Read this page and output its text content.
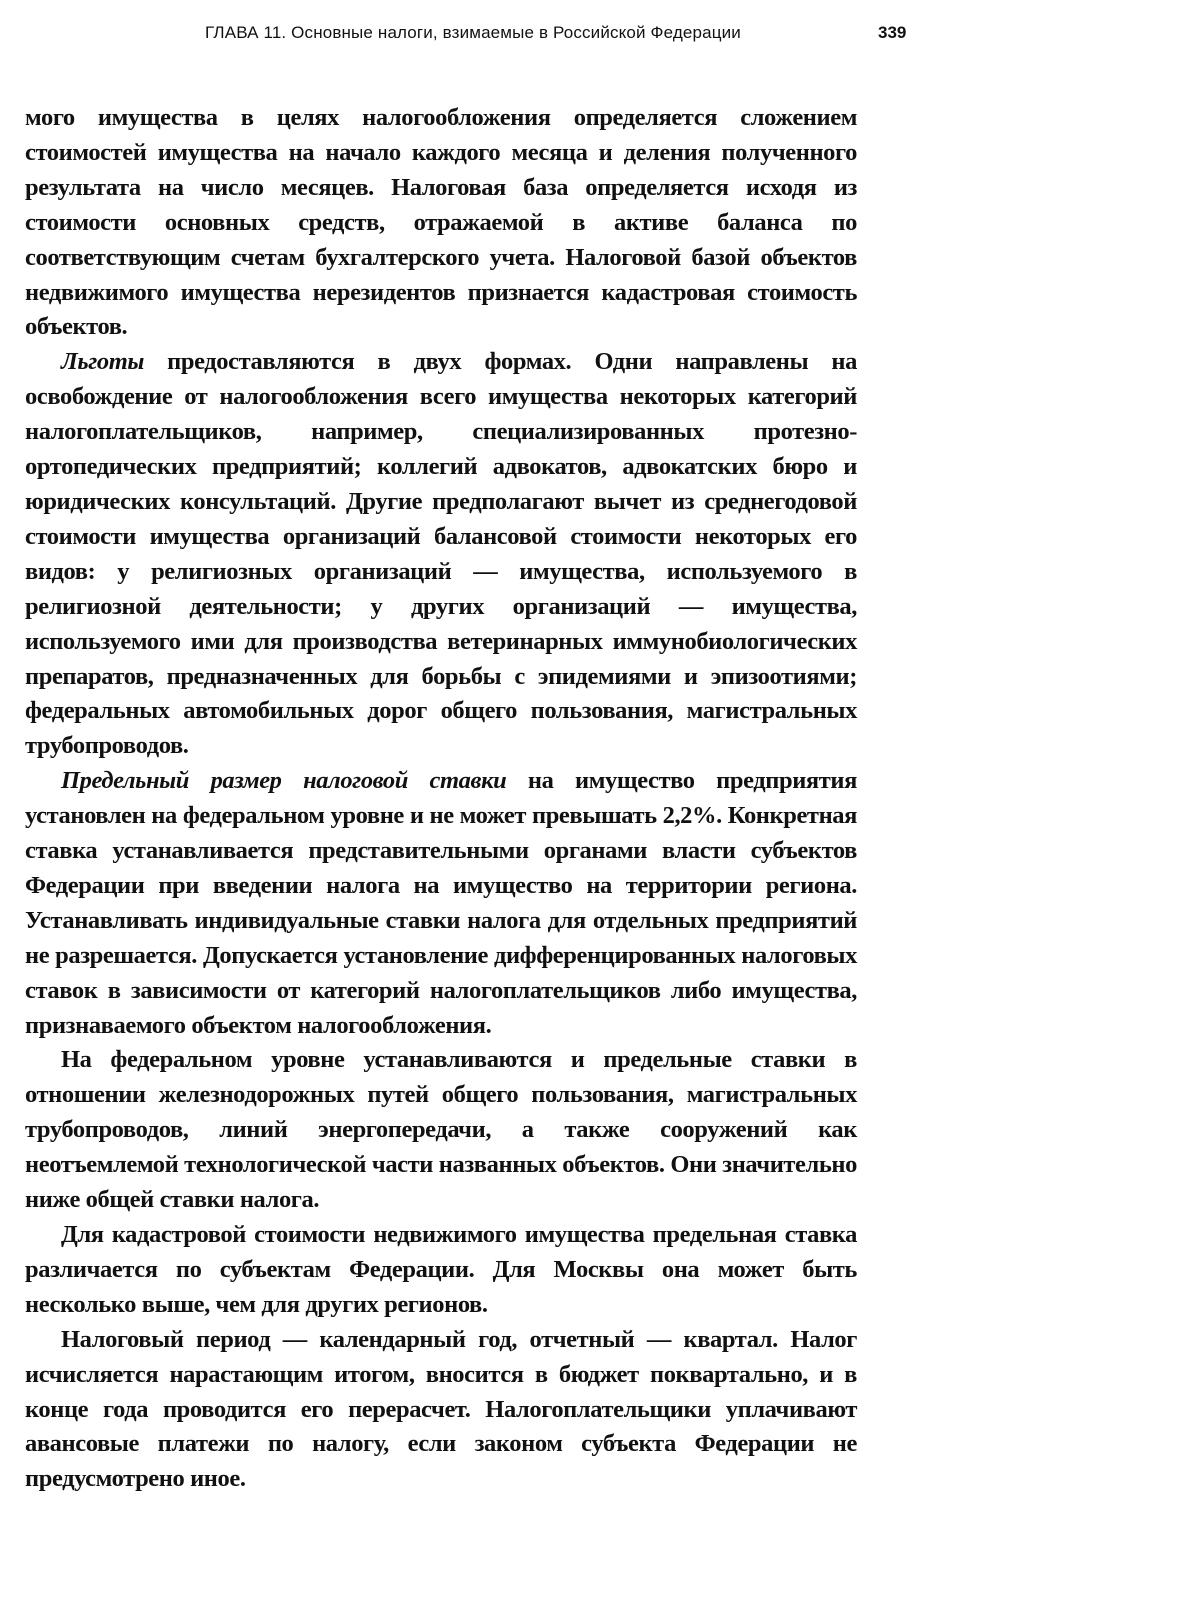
ГЛАВА 11. Основные налоги, взимаемые в Российской Федерации	339

мого имущества в целях налогообложения определяется сложением стоимостей имущества на начало каждого месяца и деления полученного результата на число месяцев. Налоговая база определяется исходя из стоимости основных средств, отражаемой в активе баланса по соответствующим счетам бухгалтерского учета. Налоговой базой объектов недвижимого имущества нерезидентов признается кадастровая стоимость объектов.

Льготы предоставляются в двух формах. Одни направлены на освобождение от налогообложения всего имущества некоторых категорий налогоплательщиков, например, специализированных протезно-ортопедических предприятий; коллегий адвокатов, адвокатских бюро и юридических консультаций. Другие предполагают вычет из среднегодовой стоимости имущества организаций балансовой стоимости некоторых его видов: у религиозных организаций — имущества, используемого в религиозной деятельности; у других организаций — имущества, используемого ими для производства ветеринарных иммунобиологических препаратов, предназначенных для борьбы с эпидемиями и эпизоотиями; федеральных автомобильных дорог общего пользования, магистральных трубопроводов.

Предельный размер налоговой ставки на имущество предприятия установлен на федеральном уровне и не может превышать 2,2%. Конкретная ставка устанавливается представительными органами власти субъектов Федерации при введении налога на имущество на территории региона. Устанавливать индивидуальные ставки налога для отдельных предприятий не разрешается. Допускается установление дифференцированных налоговых ставок в зависимости от категорий налогоплательщиков либо имущества, признаваемого объектом налогообложения.

На федеральном уровне устанавливаются и предельные ставки в отношении железнодорожных путей общего пользования, магистральных трубопроводов, линий энергопередачи, а также сооружений как неотъемлемой технологической части названных объектов. Они значительно ниже общей ставки налога.

Для кадастровой стоимости недвижимого имущества предельная ставка различается по субъектам Федерации. Для Москвы она может быть несколько выше, чем для других регионов.

Налоговый период — календарный год, отчетный — квартал. Налог исчисляется нарастающим итогом, вносится в бюджет поквартально, и в конце года проводится его перерасчет. Налогоплательщики уплачивают авансовые платежи по налогу, если законом субъекта Федерации не предусмотрено иное.
